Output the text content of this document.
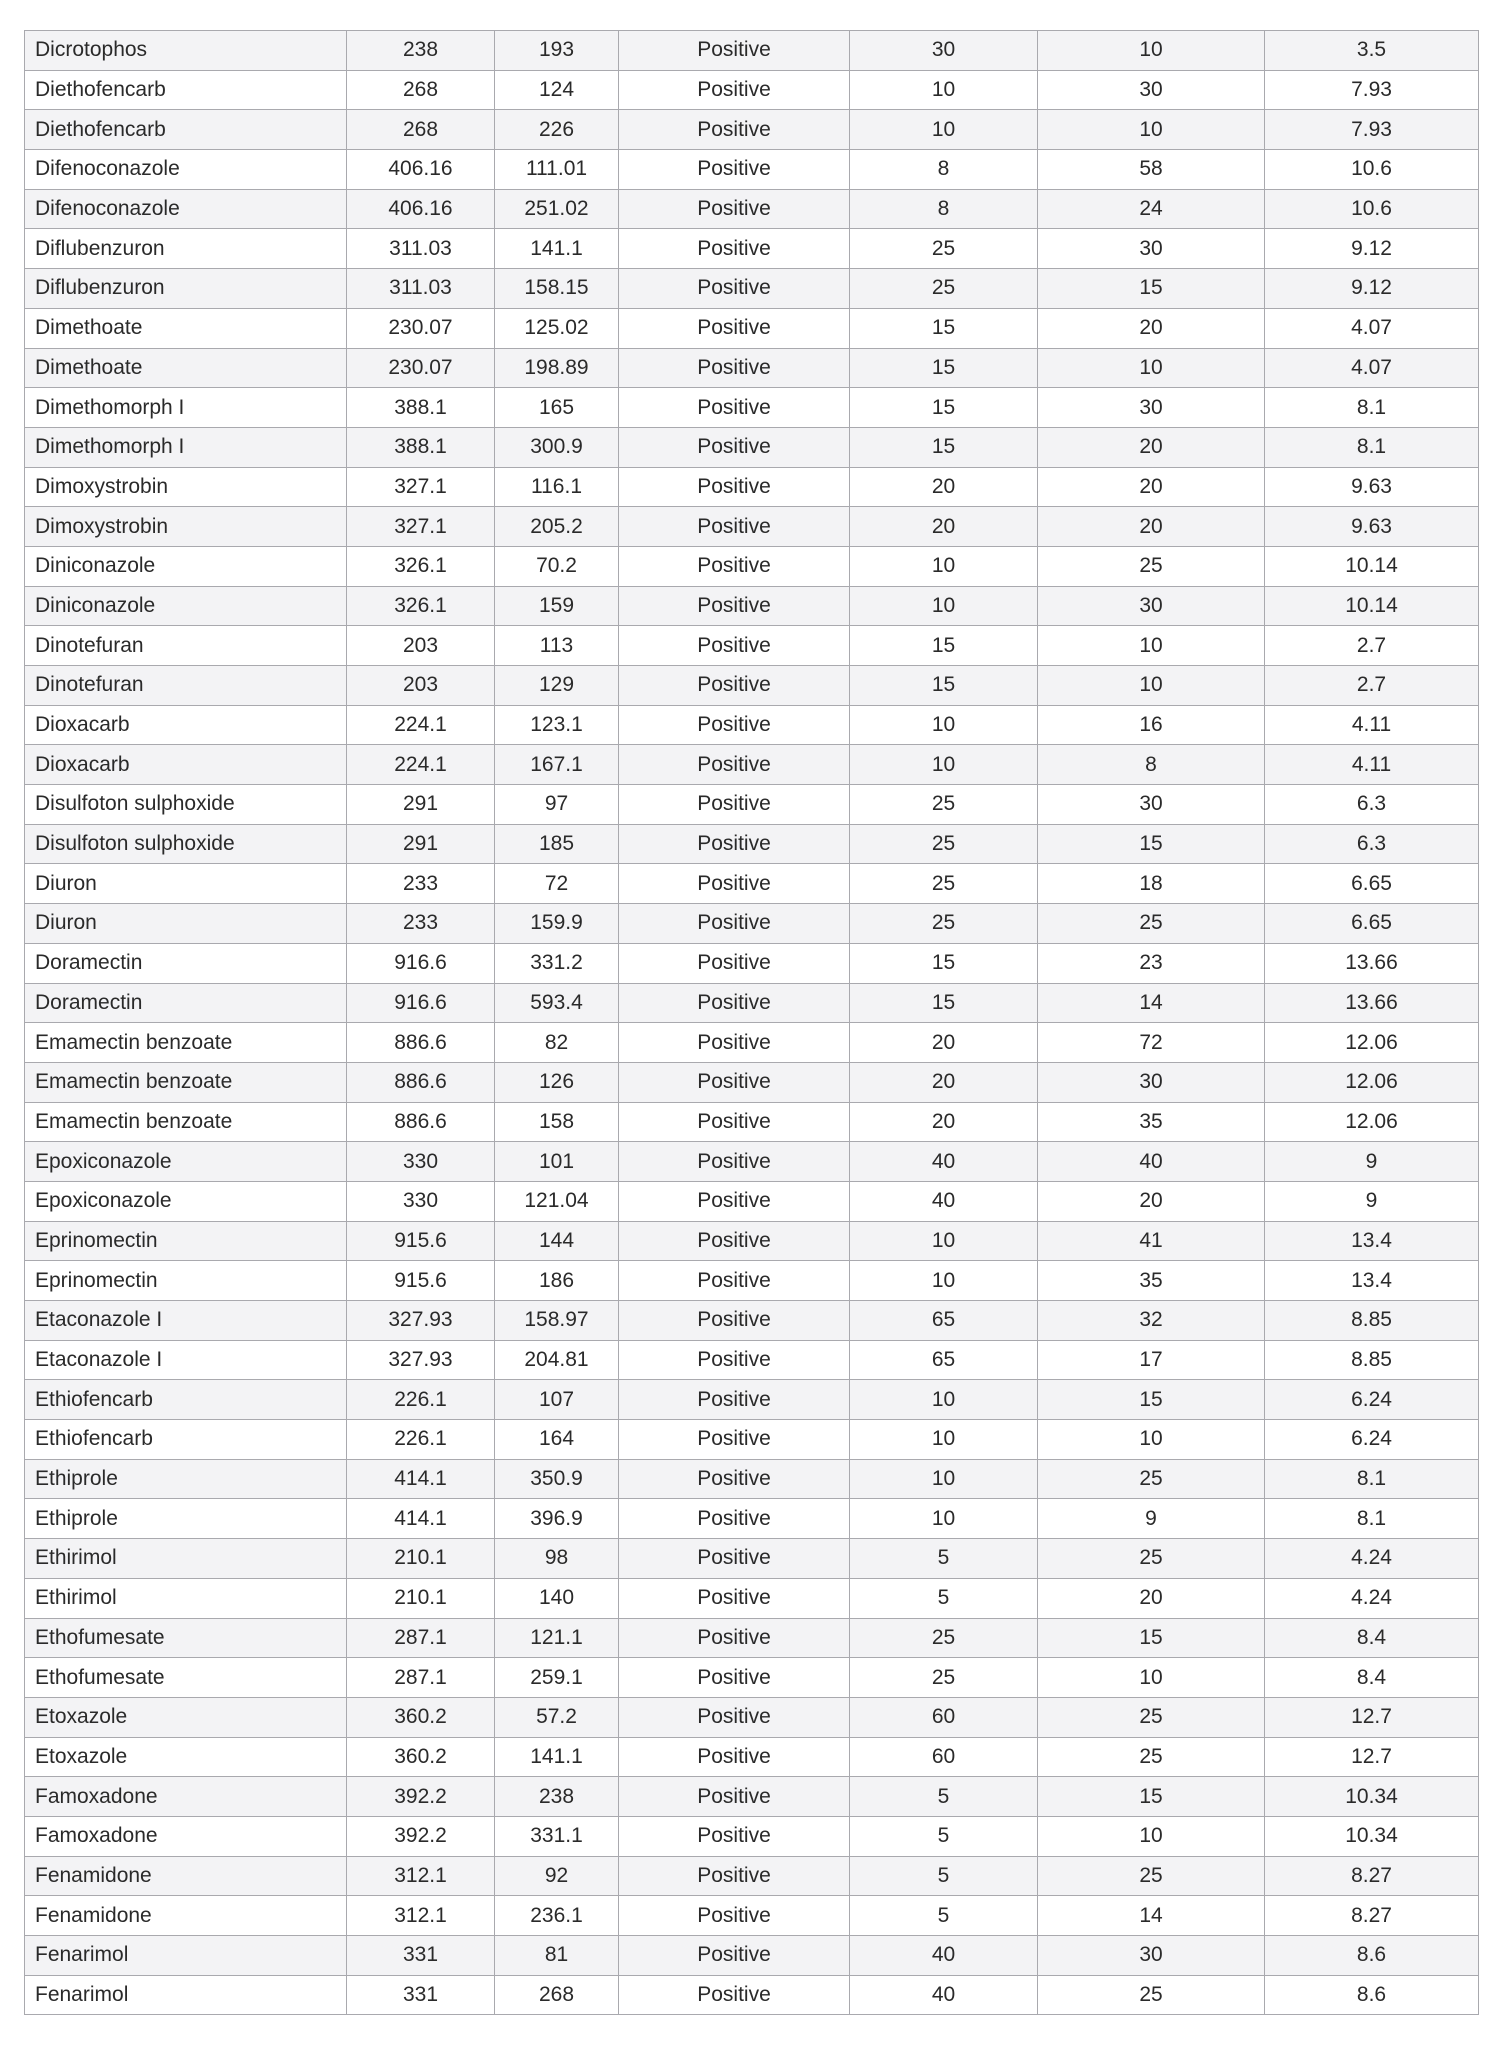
Dicrotophos	238	193	Positive	30	10	3.5
Diethofencarb	268	124	Positive	10	30	7.93
Diethofencarb	268	226	Positive	10	10	7.93
Difenoconazole	406.16	111.01	Positive	8	58	10.6
Difenoconazole	406.16	251.02	Positive	8	24	10.6
Diflubenzuron	311.03	141.1	Positive	25	30	9.12
Diflubenzuron	311.03	158.15	Positive	25	15	9.12
Dimethoate	230.07	125.02	Positive	15	20	4.07
Dimethoate	230.07	198.89	Positive	15	10	4.07
Dimethomorph I	388.1	165	Positive	15	30	8.1
Dimethomorph I	388.1	300.9	Positive	15	20	8.1
Dimoxystrobin	327.1	116.1	Positive	20	20	9.63
Dimoxystrobin	327.1	205.2	Positive	20	20	9.63
Diniconazole	326.1	70.2	Positive	10	25	10.14
Diniconazole	326.1	159	Positive	10	30	10.14
Dinotefuran	203	113	Positive	15	10	2.7
Dinotefuran	203	129	Positive	15	10	2.7
Dioxacarb	224.1	123.1	Positive	10	16	4.11
Dioxacarb	224.1	167.1	Positive	10	8	4.11
Disulfoton sulphoxide	291	97	Positive	25	30	6.3
Disulfoton sulphoxide	291	185	Positive	25	15	6.3
Diuron	233	72	Positive	25	18	6.65
Diuron	233	159.9	Positive	25	25	6.65
Doramectin	916.6	331.2	Positive	15	23	13.66
Doramectin	916.6	593.4	Positive	15	14	13.66
Emamectin benzoate	886.6	82	Positive	20	72	12.06
Emamectin benzoate	886.6	126	Positive	20	30	12.06
Emamectin benzoate	886.6	158	Positive	20	35	12.06
Epoxiconazole	330	101	Positive	40	40	9
Epoxiconazole	330	121.04	Positive	40	20	9
Eprinomectin	915.6	144	Positive	10	41	13.4
Eprinomectin	915.6	186	Positive	10	35	13.4
Etaconazole I	327.93	158.97	Positive	65	32	8.85
Etaconazole I	327.93	204.81	Positive	65	17	8.85
Ethiofencarb	226.1	107	Positive	10	15	6.24
Ethiofencarb	226.1	164	Positive	10	10	6.24
Ethiprole	414.1	350.9	Positive	10	25	8.1
Ethiprole	414.1	396.9	Positive	10	9	8.1
Ethirimol	210.1	98	Positive	5	25	4.24
Ethirimol	210.1	140	Positive	5	20	4.24
Ethofumesate	287.1	121.1	Positive	25	15	8.4
Ethofumesate	287.1	259.1	Positive	25	10	8.4
Etoxazole	360.2	57.2	Positive	60	25	12.7
Etoxazole	360.2	141.1	Positive	60	25	12.7
Famoxadone	392.2	238	Positive	5	15	10.34
Famoxadone	392.2	331.1	Positive	5	10	10.34
Fenamidone	312.1	92	Positive	5	25	8.27
Fenamidone	312.1	236.1	Positive	5	14	8.27
Fenarimol	331	81	Positive	40	30	8.6
Fenarimol	331	268	Positive	40	25	8.6
